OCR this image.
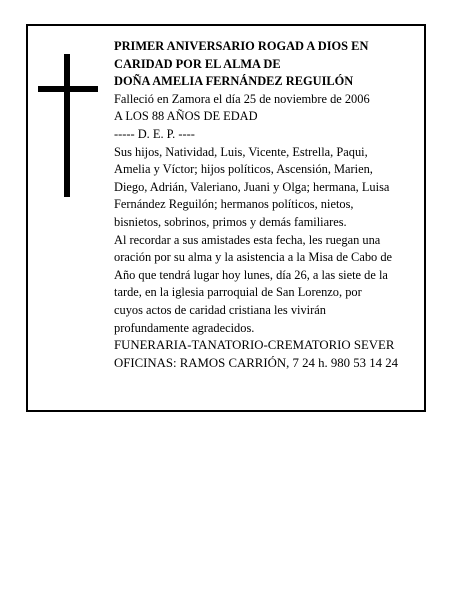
PRIMER ANIVERSARIO ROGAD A DIOS EN
CARIDAD POR EL ALMA DE
DOÑA AMELIA FERNÁNDEZ REGUILÓN
Falleció en Zamora el día 25 de noviembre de 2006
A LOS 88 AÑOS DE EDAD
----- D. E. P. ----
Sus hijos, Natividad, Luis, Vicente, Estrella, Paqui,
Amelia y Víctor; hijos políticos, Ascensión, Marien,
Diego, Adrián, Valeriano, Juani y Olga; hermana, Luisa
Fernández Reguilón; hermanos políticos, nietos,
bisnietos, sobrinos, primos y demás familiares.
Al recordar a sus amistades esta fecha, les ruegan una
oración por su alma y la asistencia a la Misa de Cabo de
Año que tendrá lugar hoy lunes, día 26, a las siete de la
tarde, en la iglesia parroquial de San Lorenzo, por
cuyos actos de caridad cristiana les vivirán
profundamente agradecidos.
FUNERARIA-TANATORIO-CREMATORIO SEVER
OFICINAS: RAMOS CARRIÓN, 7 24 h. 980 53 14 24
